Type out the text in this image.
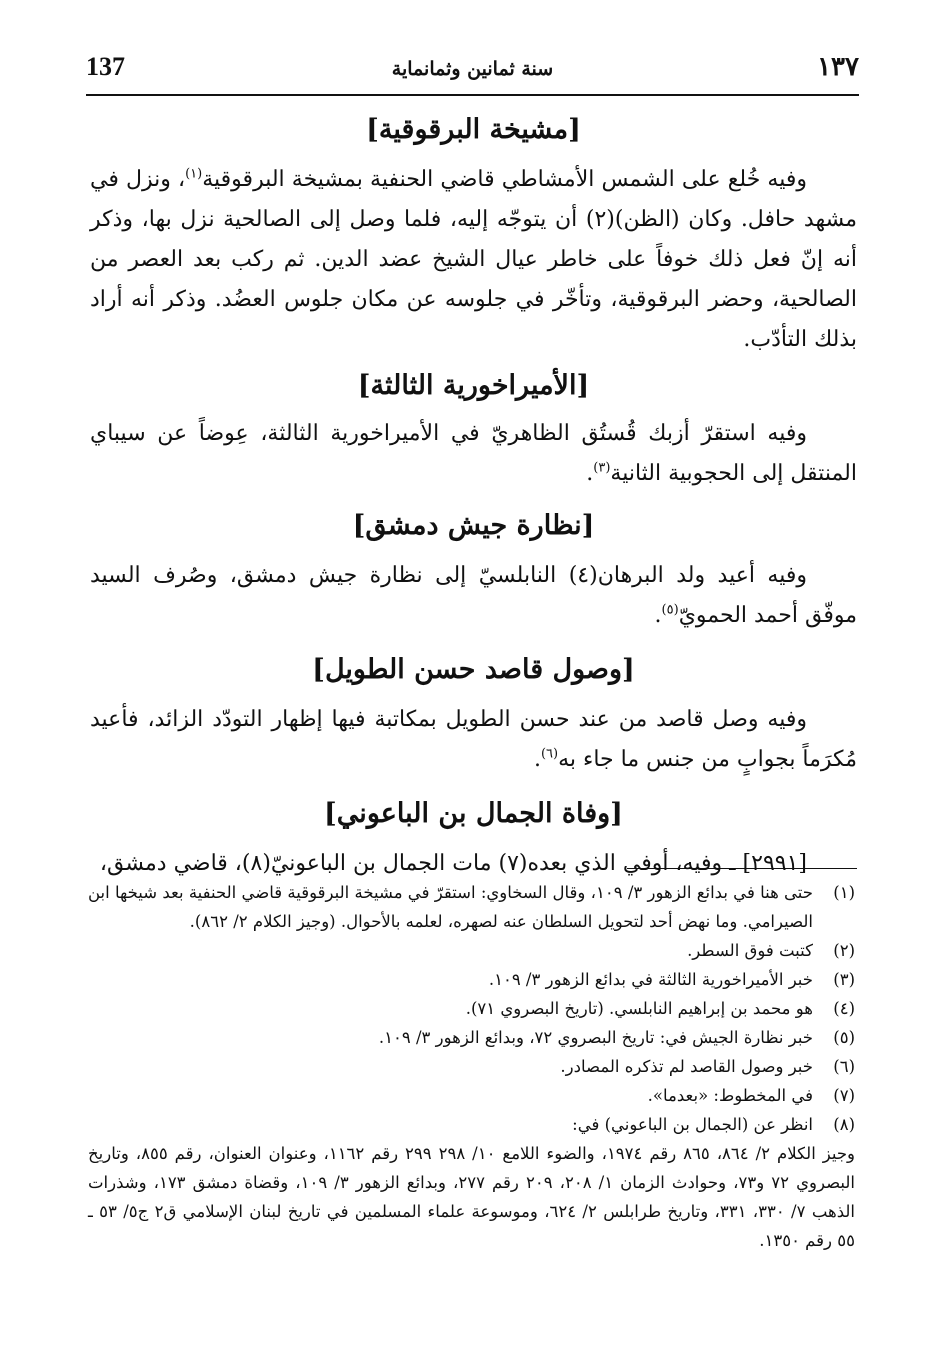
١٣٧
سنة ثمانين وثمانماية
137
[مشيخة البرقوقية]

وفيه خُلع على الشمس الأمشاطي قاضي الحنفية بمشيخة البرقوقية$^{(١)}$، ونزل في مشهد حافل. وكان (الظن)(٢) أن يتوجّه إليه، فلما وصل إلى الصالحية نزل بها، وذكر أنه إنّ فعل ذلك خوفاً على خاطر عيال الشيخ عضد الدين. ثم ركب بعد العصر من الصالحية، وحضر البرقوقية، وتأخّر في جلوسه عن مكان جلوس العضُد. وذكر أنه أراد بذلك التأدّب.

[الأميراخورية الثالثة]

وفيه استقرّ أزبك قُستُق الظاهريّ في الأميراخورية الثالثة، عِوضاً عن سيباي المنتقل إلى الحجوبية الثانية$^{(٣)}$.

[نظارة جيش دمشق]

وفيه أعيد ولد البرهان(٤) النابلسيّ إلى نظارة جيش دمشق، وصُرف السيد موفّق أحمد الحمويّ$^{(٥)}$.

[وصول قاصد حسن الطويل]

وفيه وصل قاصد من عند حسن الطويل بمكاتبة فيها إظهار التودّد الزائد، فأعيد مُكرَماً بجوابٍ من جنس ما جاء به$^{(٦)}$.

[وفاة الجمال بن الباعوني]

[٢٩٩١] ـ وفيه، أوفي الذي بعده(٧) مات الجمال بن الباعونيّ(٨)، قاضي دمشق،

(١)
حتى هنا في بدائع الزهور ٣/ ١٠٩، وقال السخاوي: استقرّ في مشيخة البرقوقية قاضي الحنفية بعد شيخها ابن الصيرامي. وما نهض أحد لتحويل السلطان عنه لصهره، لعلمه بالأحوال. (وجيز الكلام ٢/ ٨٦٢).
(٢)
كتبت فوق السطر.
(٣)
خبر الأميراخورية الثالثة في بدائع الزهور ٣/ ١٠٩.
(٤)
هو محمد بن إبراهيم النابلسي. (تاريخ البصروي ٧١).
(٥)
خبر نظارة الجيش في: تاريخ البصروي ٧٢، وبدائع الزهور ٣/ ١٠٩.
(٦)
خبر وصول القاصد لم تذكره المصادر.
(٧)
في المخطوط: «بعدما».
(٨)
انظر عن (الجمال بن الباعوني) في:
وجيز الكلام ٢/ ٨٦٤، ٨٦٥ رقم ١٩٧٤، والضوء اللامع ١٠/ ٢٩٨ ٢٩٩ رقم ١١٦٢، وعنوان العنوان، رقم ٨٥٥، وتاريخ البصروي ٧٢ و٧٣، وحوادث الزمان ١/ ٢٠٨، ٢٠٩ رقم ٢٧٧، وبدائع الزهور ٣/ ١٠٩، وقضاة دمشق ١٧٣، وشذرات الذهب ٧/ ٣٣٠، ٣٣١، وتاريخ طرابلس ٢/ ٦٢٤، وموسوعة علماء المسلمين في تاريخ لبنان الإسلامي ق٢ ج٥/ ٥٣ ـ ٥٥ رقم ١٣٥٠.
